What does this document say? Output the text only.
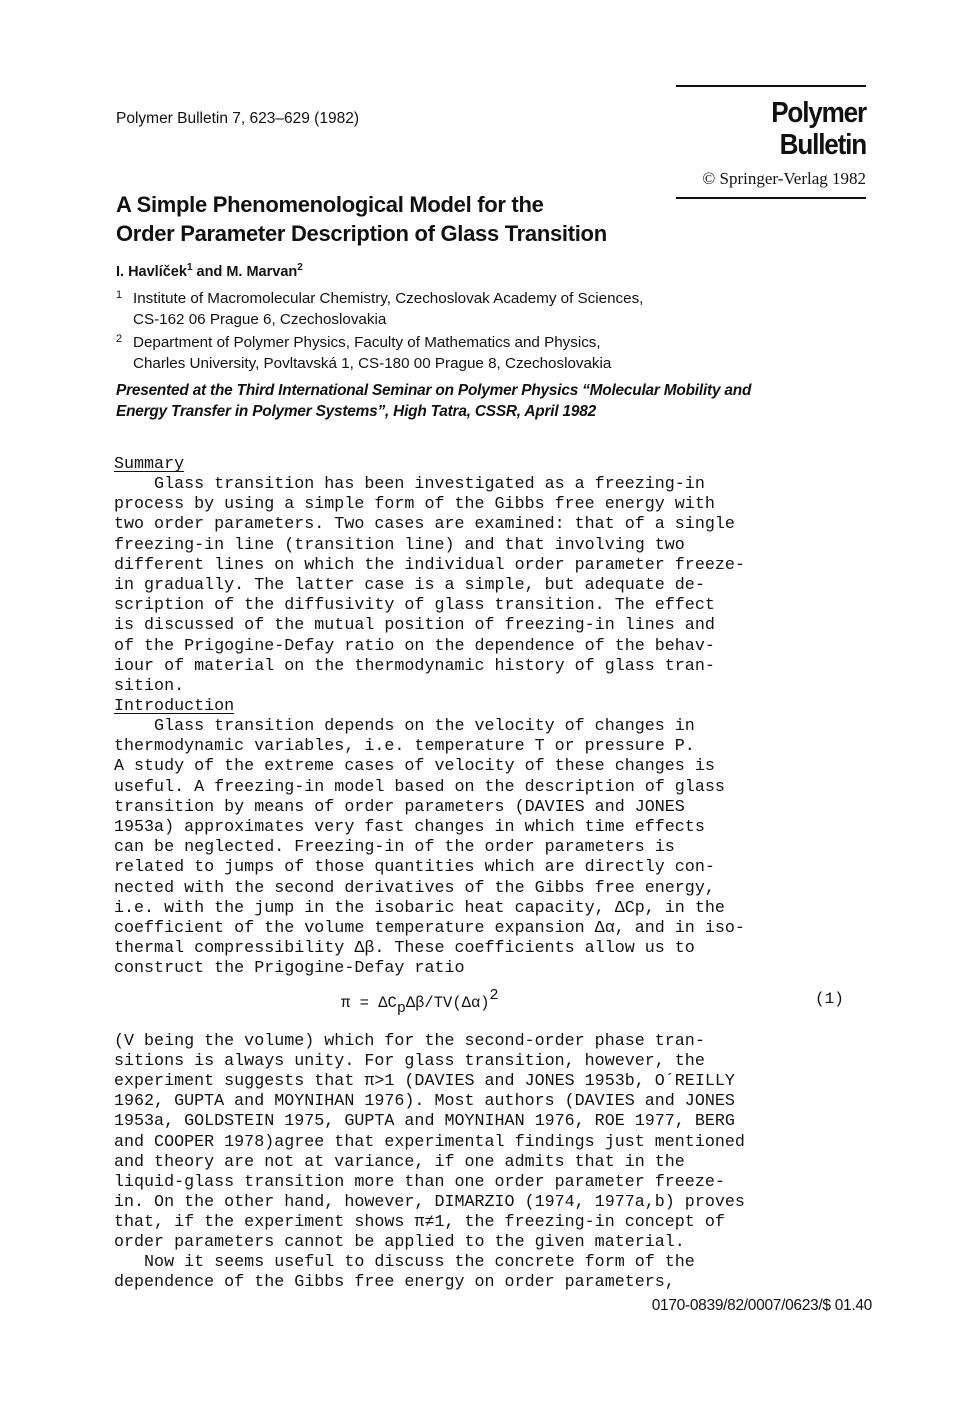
Polymer Bulletin 7, 623–629 (1982)	Polymer Bulletin
© Springer-Verlag 1982
A Simple Phenomenological Model for the
Order Parameter Description of Glass Transition
I. Havlíček$^1$ and M. Marvan$^2$
1 Institute of Macromolecular Chemistry, Czechoslovak Academy of Sciences,
CS-162 06 Prague 6, Czechoslovakia
2 Department of Polymer Physics, Faculty of Mathematics and Physics,
Charles University, Povltavská 1, CS-180 00 Prague 8, Czechoslovakia
Presented at the Third International Seminar on Polymer Physics “Molecular Mobility and
Energy Transfer in Polymer Systems”, High Tatra, CSSR, April 1982
Summary
Glass transition has been investigated as a freezing-in
process by using a simple form of the Gibbs free energy with
two order parameters. Two cases are examined: that of a single
freezing-in line (transition line) and that involving two
different lines on which the individual order parameter freeze-
in gradually. The latter case is a simple, but adequate de-
scription of the diffusivity of glass transition. The effect
is discussed of the mutual position of freezing-in lines and
of the Prigogine-Defay ratio on the dependence of the behav-
iour of material on the thermodynamic history of glass tran-
sition.
Introduction
Glass transition depends on the velocity of changes in
thermodynamic variables, i.e. temperature T or pressure P.
A study of the extreme cases of velocity of these changes is
useful. A freezing-in model based on the description of glass
transition by means of order parameters (DAVIES and JONES
1953a) approximates very fast changes in which time effects
can be neglected. Freezing-in of the order parameters is
related to jumps of those quantities which are directly con-
nected with the second derivatives of the Gibbs free energy,
i.e. with the jump in the isobaric heat capacity, ΔCp, in the
coefficient of the volume temperature expansion Δα, and in iso-
thermal compressibility Δβ. These coefficients allow us to
construct the Prigogine-Defay ratio
$\pi = \Delta C_p\Delta\beta/TV(\Delta\alpha)^2$	(1)
(V being the volume) which for the second-order phase tran-
sitions is always unity. For glass transition, however, the
experiment suggests that π>1 (DAVIES and JONES 1953b, O´REILLY
1962, GUPTA and MOYNIHAN 1976). Most authors (DAVIES and JONES
1953a, GOLDSTEIN 1975, GUPTA and MOYNIHAN 1976, ROE 1977, BERG
and COOPER 1978)agree that experimental findings just mentioned
and theory are not at variance, if one admits that in the
liquid-glass transition more than one order parameter freeze-
in. On the other hand, however, DIMARZIO (1974, 1977a,b) proves
that, if the experiment shows π≠1, the freezing-in concept of
order parameters cannot be applied to the given material.
Now it seems useful to discuss the concrete form of the
dependence of the Gibbs free energy on order parameters,
0170-0839/82/0007/0623/$ 01.40
